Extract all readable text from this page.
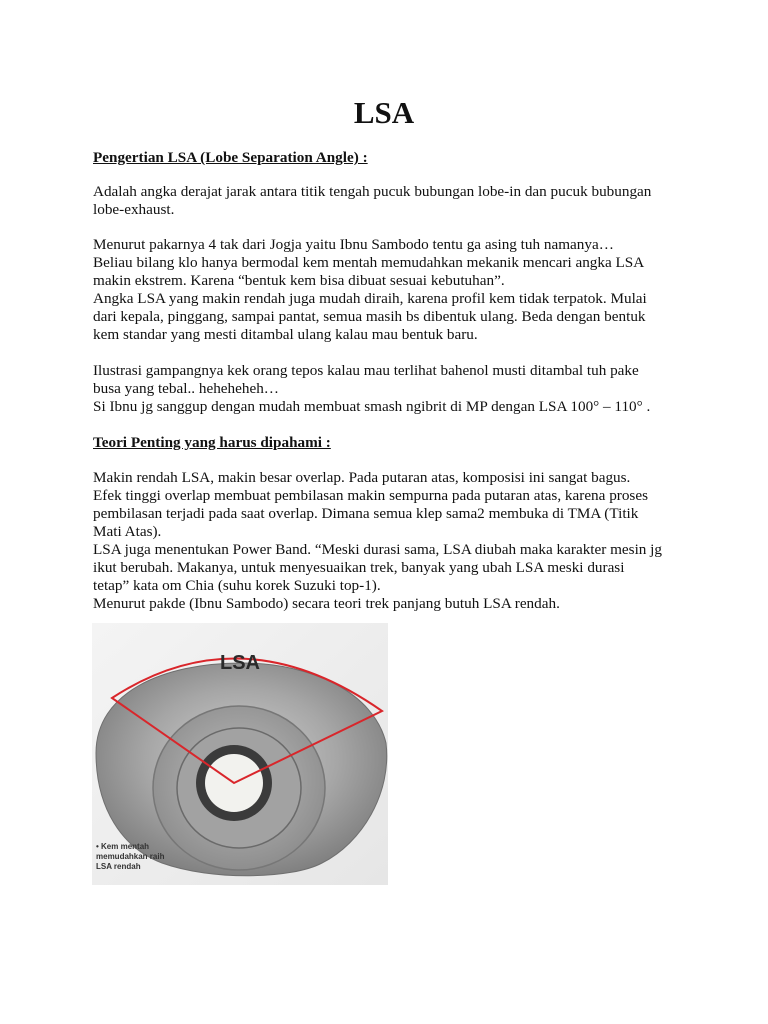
LSA

Pengertian LSA (Lobe Separation Angle) :

Adalah angka derajat jarak antara titik tengah pucuk bubungan lobe-in dan pucuk bubungan

lobe-exhaust.

Menurut pakarnya 4 tak dari Jogja yaitu Ibnu Sambodo tentu ga asing tuh namanya…

Beliau bilang klo hanya bermodal kem mentah memudahkan mekanik mencari angka LSA

makin ekstrem. Karena “bentuk kem bisa dibuat sesuai kebutuhan”.

Angka LSA yang makin rendah juga mudah diraih, karena profil kem tidak terpatok. Mulai

dari kepala, pinggang, sampai pantat, semua masih bs dibentuk ulang. Beda dengan bentuk

kem standar yang mesti ditambal ulang kalau mau bentuk baru.

Ilustrasi gampangnya kek orang tepos kalau mau terlihat bahenol musti ditambal tuh pake

busa yang tebal.. heheheheh…

Si Ibnu jg sanggup dengan mudah membuat smash ngibrit di MP dengan LSA 100° – 110° .

Teori Penting yang harus dipahami :

Makin rendah LSA, makin besar overlap. Pada putaran atas, komposisi ini sangat bagus.

Efek tinggi overlap membuat pembilasan makin sempurna pada putaran atas, karena proses

pembilasan terjadi pada saat overlap. Dimana semua klep sama2 membuka di TMA (Titik

Mati Atas).

LSA juga menentukan Power Band. “Meski durasi sama, LSA diubah maka karakter mesin jg

ikut berubah. Makanya, untuk menyesuaikan trek, banyak yang ubah LSA meski durasi

tetap” kata om Chia (suhu korek Suzuki top-1).

Menurut pakde (Ibnu Sambodo) secara teori trek panjang butuh LSA rendah.

LSA
• Kem mentah memudahkan raih LSA rendah
